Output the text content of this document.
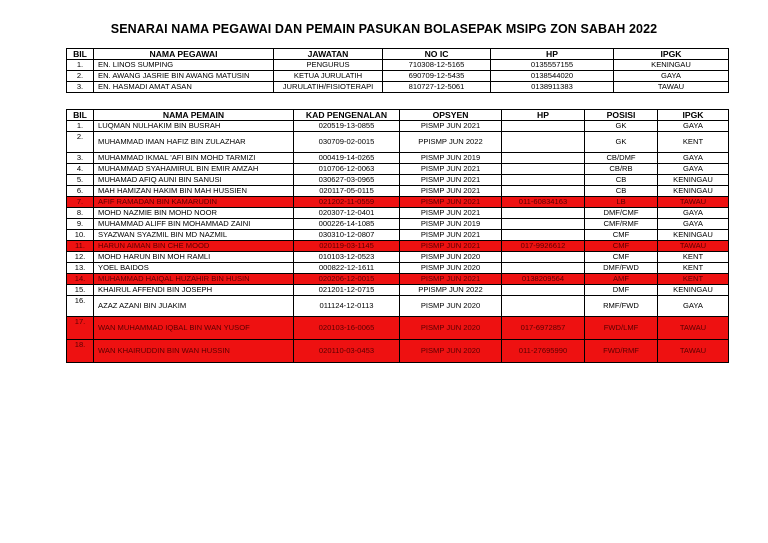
SENARAI NAMA PEGAWAI DAN PEMAIN PASUKAN BOLASEPAK MSIPG ZON SABAH 2022
BIL	NAMA PEGAWAI	JAWATAN	NO IC	HP	IPGK
1.	EN. LINOS SUMPING	PENGURUS	710308-12-5165	0135557155	KENINGAU
2.	EN. AWANG JASRIE BIN AWANG MATUSIN	KETUA JURULATIH	690709-12-5435	0138544020	GAYA
3.	EN. HASMADI AMAT ASAN	JURULATIH/FISIOTERAPI	810727-12-5061	0138911383	TAWAU
BIL	NAMA PEMAIN	KAD PENGENALAN	OPSYEN	HP	POSISI	IPGK
1.	LUQMAN NULHAKIM BIN BUSRAH	020519-13-0855	PISMP JUN 2021		GK	GAYA
2.	MUHAMMAD IMAN HAFIZ BIN ZULAZHAR	030709-02-0015	PPISMP JUN 2022		GK	KENT
3.	MUHAMMAD IKMAL 'AFI BIN MOHD TARMIZI	000419-14-0265	PISMP JUN 2019		CB/DMF	GAYA
4.	MUHAMMAD SYAHAMIRUL BIN EMIR AMZAH	010706-12-0063	PISMP JUN 2021		CB/RB	GAYA
5.	MUHAMAD AFIQ AUNI BIN SANUSI	030627-03-0965	PISMP JUN 2021		CB	KENINGAU
6.	MAH HAMIZAN HAKIM BIN MAH HUSSIEN	020117-05-0115	PISMP JUN 2021		CB	KENINGAU
7.	AFIF RAMADAN BIN KAMARUDIN	021202-11-0559	PISMP JUN 2021	011-60834163	LB	TAWAU
8.	MOHD NAZMIE BIN MOHD NOOR	020307-12-0401	PISMP JUN 2021		DMF/CMF	GAYA
9.	MUHAMMAD ALIFF BIN MOHAMMAD ZAINI	000226-14-1085	PISMP JUN 2019		CMF/RMF	GAYA
10.	SYAZWAN SYAZMIL BIN MD NAZMIL	030310-12-0807	PISMP JUN 2021		CMF	KENINGAU
11.	HARUN AIMAN BIN CHE MOOD	020119-03-1145	PISMP JUN 2021	017-9926612	CMF	TAWAU
12.	MOHD HARUN BIN MOH RAMLI	010103-12-0523	PISMP JUN 2020		CMF	KENT
13.	YOEL BAIDOS	000822-12-1611	PISMP JUN 2020		DMF/FWD	KENT
14.	MUHAMMAD HAIQAL HUZAHIR BIN HUSIN	020206-12-0015	PISMP JUN 2021	0138209564	AMF	KENT
15.	KHAIRUL AFFENDI BIN JOSEPH	021201-12-0715	PPISMP JUN 2022		DMF	KENINGAU
16.	AZAZ AZANI BIN JUAKIM	011124-12-0113	PISMP JUN 2020		RMF/FWD	GAYA
17.	WAN MUHAMMAD IQBAL BIN WAN YUSOF	020103-16-0065	PISMP JUN 2020	017-6972857	FWD/LMF	TAWAU
18.	WAN KHAIRUDDIN BIN WAN HUSSIN	020110-03-0453	PISMP JUN 2020	011-27695990	FWD/RMF	TAWAU
